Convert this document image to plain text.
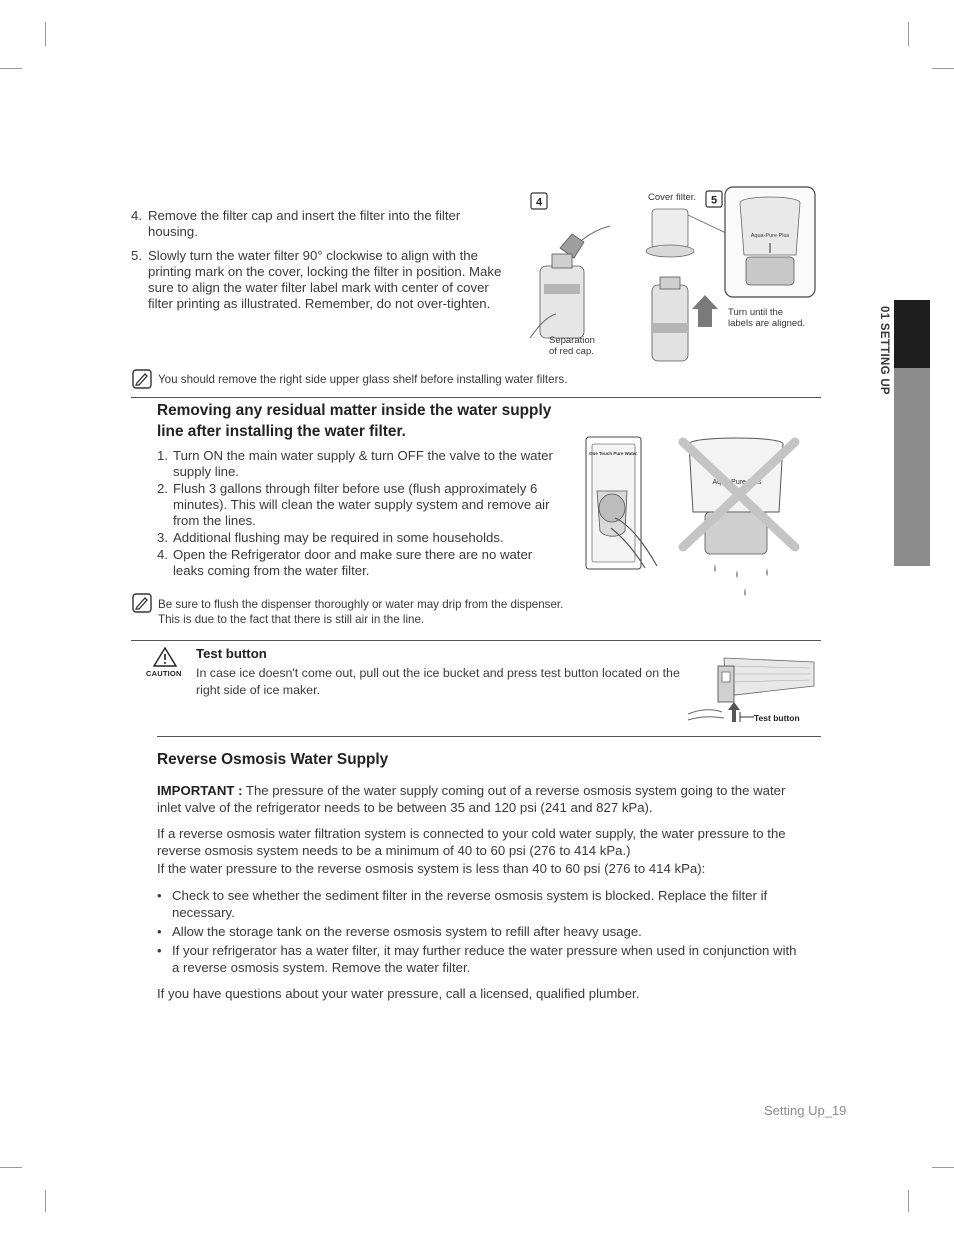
4. Remove the filter cap and insert the filter into the filter housing.
5. Slowly turn the water filter 90° clockwise to align with the printing mark on the cover, locking the filter in position. Make sure to align the water filter label mark with center of cover filter printing as illustrated. Remember, do not over-tighten.
4
Separation of red cap.
Cover filter. 5
Aqua-Pure Plus
Turn until the labels are aligned.
You should remove the right side upper glass shelf before installing water filters.
Removing any residual matter inside the water supply line after installing the water filter.
1. Turn ON the main water supply & turn OFF the valve to the water supply line.
2. Flush 3 gallons through filter before use (flush approximately 6 minutes). This will clean the water supply system and remove air from the lines.
3. Additional flushing may be required in some households.
4. Open the Refrigerator door and make sure there are no water leaks coming from the water filter.
One Touch Pure Water
Aqua-Pure Plus
Be sure to flush the dispenser thoroughly or water may drip from the dispenser.
This is due to the fact that there is still air in the line.
CAUTION
Test button
In case ice doesn't come out, pull out the ice bucket and press test button located on the right side of ice maker.
Test button
Reverse Osmosis Water Supply

IMPORTANT : The pressure of the water supply coming out of a reverse osmosis system going to the water inlet valve of the refrigerator needs to be between 35 and 120 psi (241 and 827 kPa).

If a reverse osmosis water filtration system is connected to your cold water supply, the water pressure to the reverse osmosis system needs to be a minimum of 40 to 60 psi (276 to 414 kPa.)

If the water pressure to the reverse osmosis system is less than 40 to 60 psi (276 to 414 kPa):

• Check to see whether the sediment filter in the reverse osmosis system is blocked. Replace the filter if necessary.
• Allow the storage tank on the reverse osmosis system to refill after heavy usage.
• If your refrigerator has a water filter, it may further reduce the water pressure when used in conjunction with a reverse osmosis system. Remove the water filter.

If you have questions about your water pressure, call a licensed, qualified plumber.

01 SETTING UP
Setting Up_19
